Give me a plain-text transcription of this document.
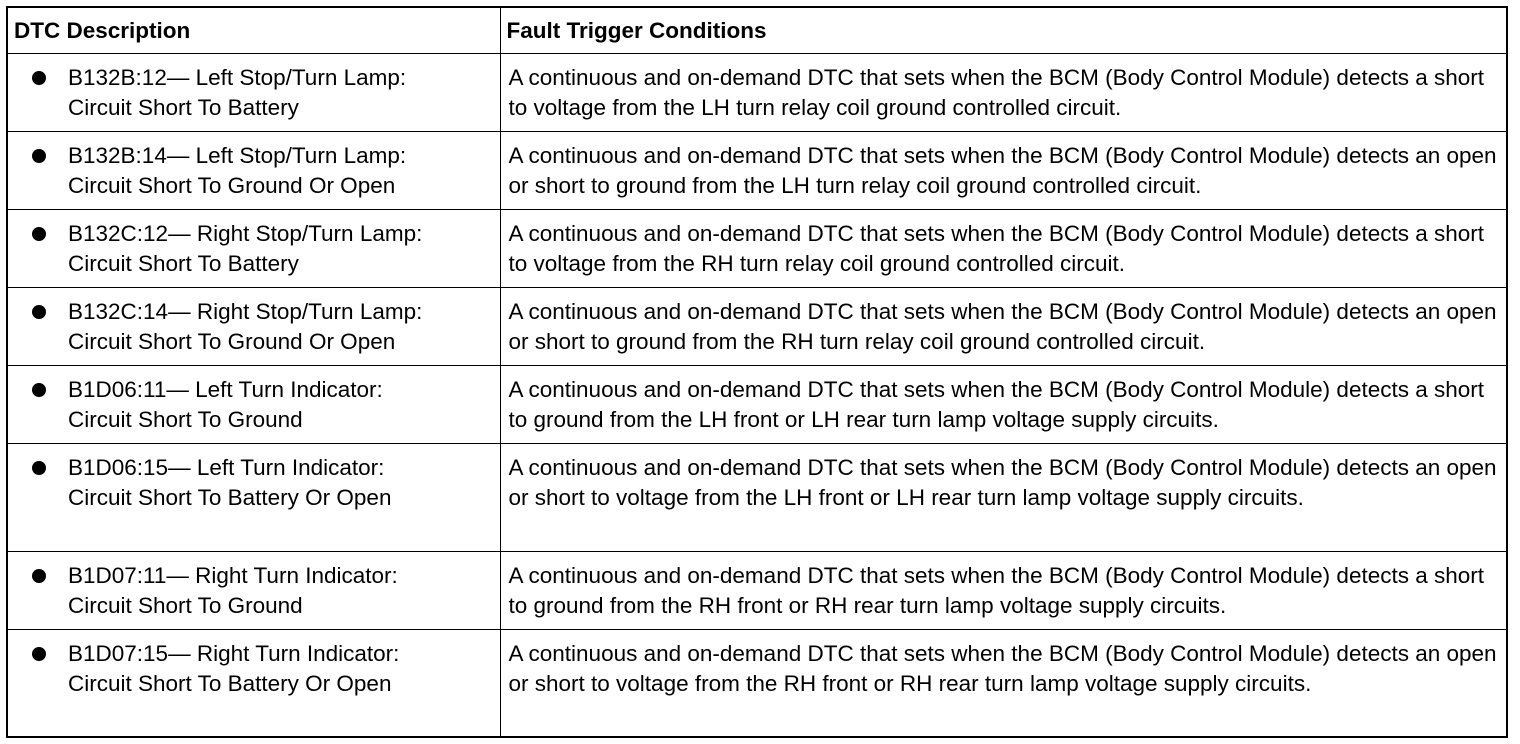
DTC Description	Fault Trigger Conditions

B132B:12— Left Stop/Turn Lamp:
Circuit Short To Battery	A continuous and on-demand DTC that sets when the BCM (Body Control Module) detects a short to voltage from the LH turn relay coil ground controlled circuit.

B132B:14— Left Stop/Turn Lamp:
Circuit Short To Ground Or Open	A continuous and on-demand DTC that sets when the BCM (Body Control Module) detects an open or short to ground from the LH turn relay coil ground controlled circuit.

B132C:12— Right Stop/Turn Lamp:
Circuit Short To Battery	A continuous and on-demand DTC that sets when the BCM (Body Control Module) detects a short to voltage from the RH turn relay coil ground controlled circuit.

B132C:14— Right Stop/Turn Lamp:
Circuit Short To Ground Or Open	A continuous and on-demand DTC that sets when the BCM (Body Control Module) detects an open or short to ground from the RH turn relay coil ground controlled circuit.

B1D06:11— Left Turn Indicator:
Circuit Short To Ground	A continuous and on-demand DTC that sets when the BCM (Body Control Module) detects a short to ground from the LH front or LH rear turn lamp voltage supply circuits.

B1D06:15— Left Turn Indicator:
Circuit Short To Battery Or Open	A continuous and on-demand DTC that sets when the BCM (Body Control Module) detects an open or short to voltage from the LH front or LH rear turn lamp voltage supply circuits.

B1D07:11— Right Turn Indicator:
Circuit Short To Ground	A continuous and on-demand DTC that sets when the BCM (Body Control Module) detects a short to ground from the RH front or RH rear turn lamp voltage supply circuits.

B1D07:15— Right Turn Indicator:
Circuit Short To Battery Or Open	A continuous and on-demand DTC that sets when the BCM (Body Control Module) detects an open or short to voltage from the RH front or RH rear turn lamp voltage supply circuits.
